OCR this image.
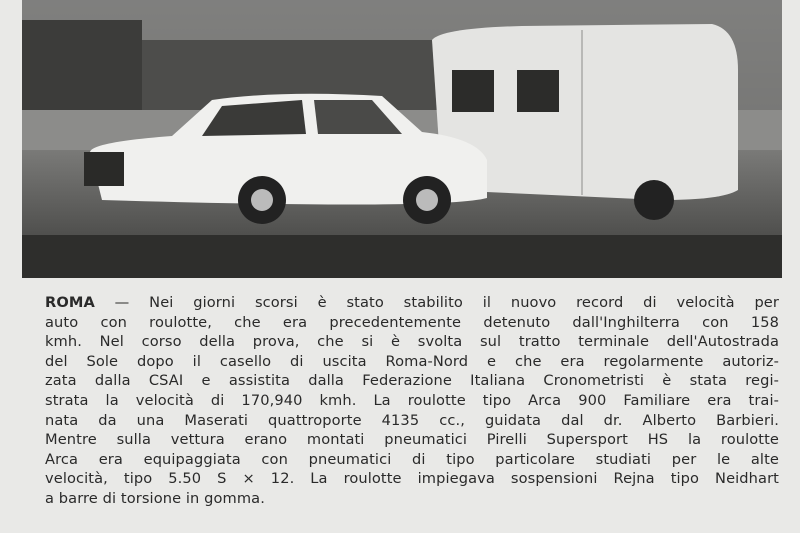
ROMA — Nei giorni scorsi è stato stabilito il nuovo record di velocità per
auto con roulotte, che era precedentemente detenuto dall'Inghilterra con 158
kmh. Nel corso della prova, che si è svolta sul tratto terminale dell'Autostrada
del Sole dopo il casello di uscita Roma-Nord e che era regolarmente autoriz-
zata dalla CSAI e assistita dalla Federazione Italiana Cronometristi è stata regi-
strata la velocità di 170,940 kmh. La roulotte tipo Arca 900 Familiare era trai-
nata da una Maserati quattroporte 4135 cc., guidata dal dr. Alberto Barbieri.
Mentre sulla vettura erano montati pneumatici Pirelli Supersport HS la roulotte
Arca era equipaggiata con pneumatici di tipo particolare studiati per le alte
velocità, tipo 5.50 S × 12. La roulotte impiegava sospensioni Rejna tipo Neidhart
a barre di torsione in gomma.
